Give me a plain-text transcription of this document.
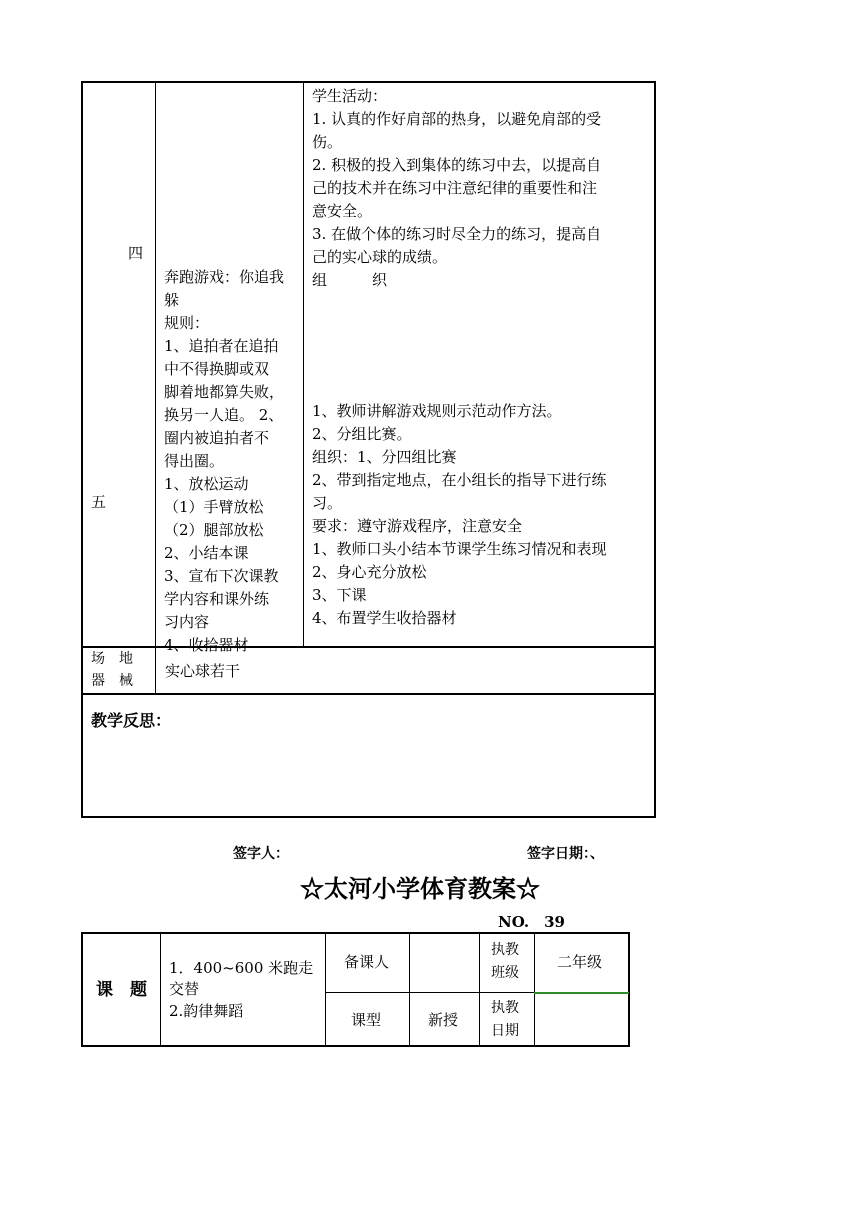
四
五
学生活动：
1. 认真的作好肩部的热身，以避免肩部的受
伤。
2. 积极的投入到集体的练习中去，以提高自
己的技术并在练习中注意纪律的重要性和注
意安全。
3. 在做个体的练习时尽全力的练习，提高自
己的实心球的成绩。
组　　　织
奔跑游戏：你追我
躲
规则：
1、追拍者在追拍
中不得换脚或双
脚着地都算失败，
换另一人追。 2、
圈内被追拍者不
得出圈。
1、放松运动
（1）手臂放松
（2）腿部放松
2、小结本课
3、宣布下次课教
学内容和课外练
习内容
4、收拾器材
1、教师讲解游戏规则示范动作方法。
2、分组比赛。
组织：1、分四组比赛
2、带到指定地点，在小组长的指导下进行练
习。
要求：遵守游戏程序，注意安全
1、教师口头小结本节课学生练习情况和表现
2、身心充分放松
3、下课
4、布置学生收拾器材
场　地
器　械
实心球若干
教学反思：
签字人：	签字日期：、
☆太河小学体育教案☆
NO.　39
课　题
1．400~600 米跑走
交替
2.韵律舞蹈
备课人
执教
班级
二年级
课型	新授
执教
日期
